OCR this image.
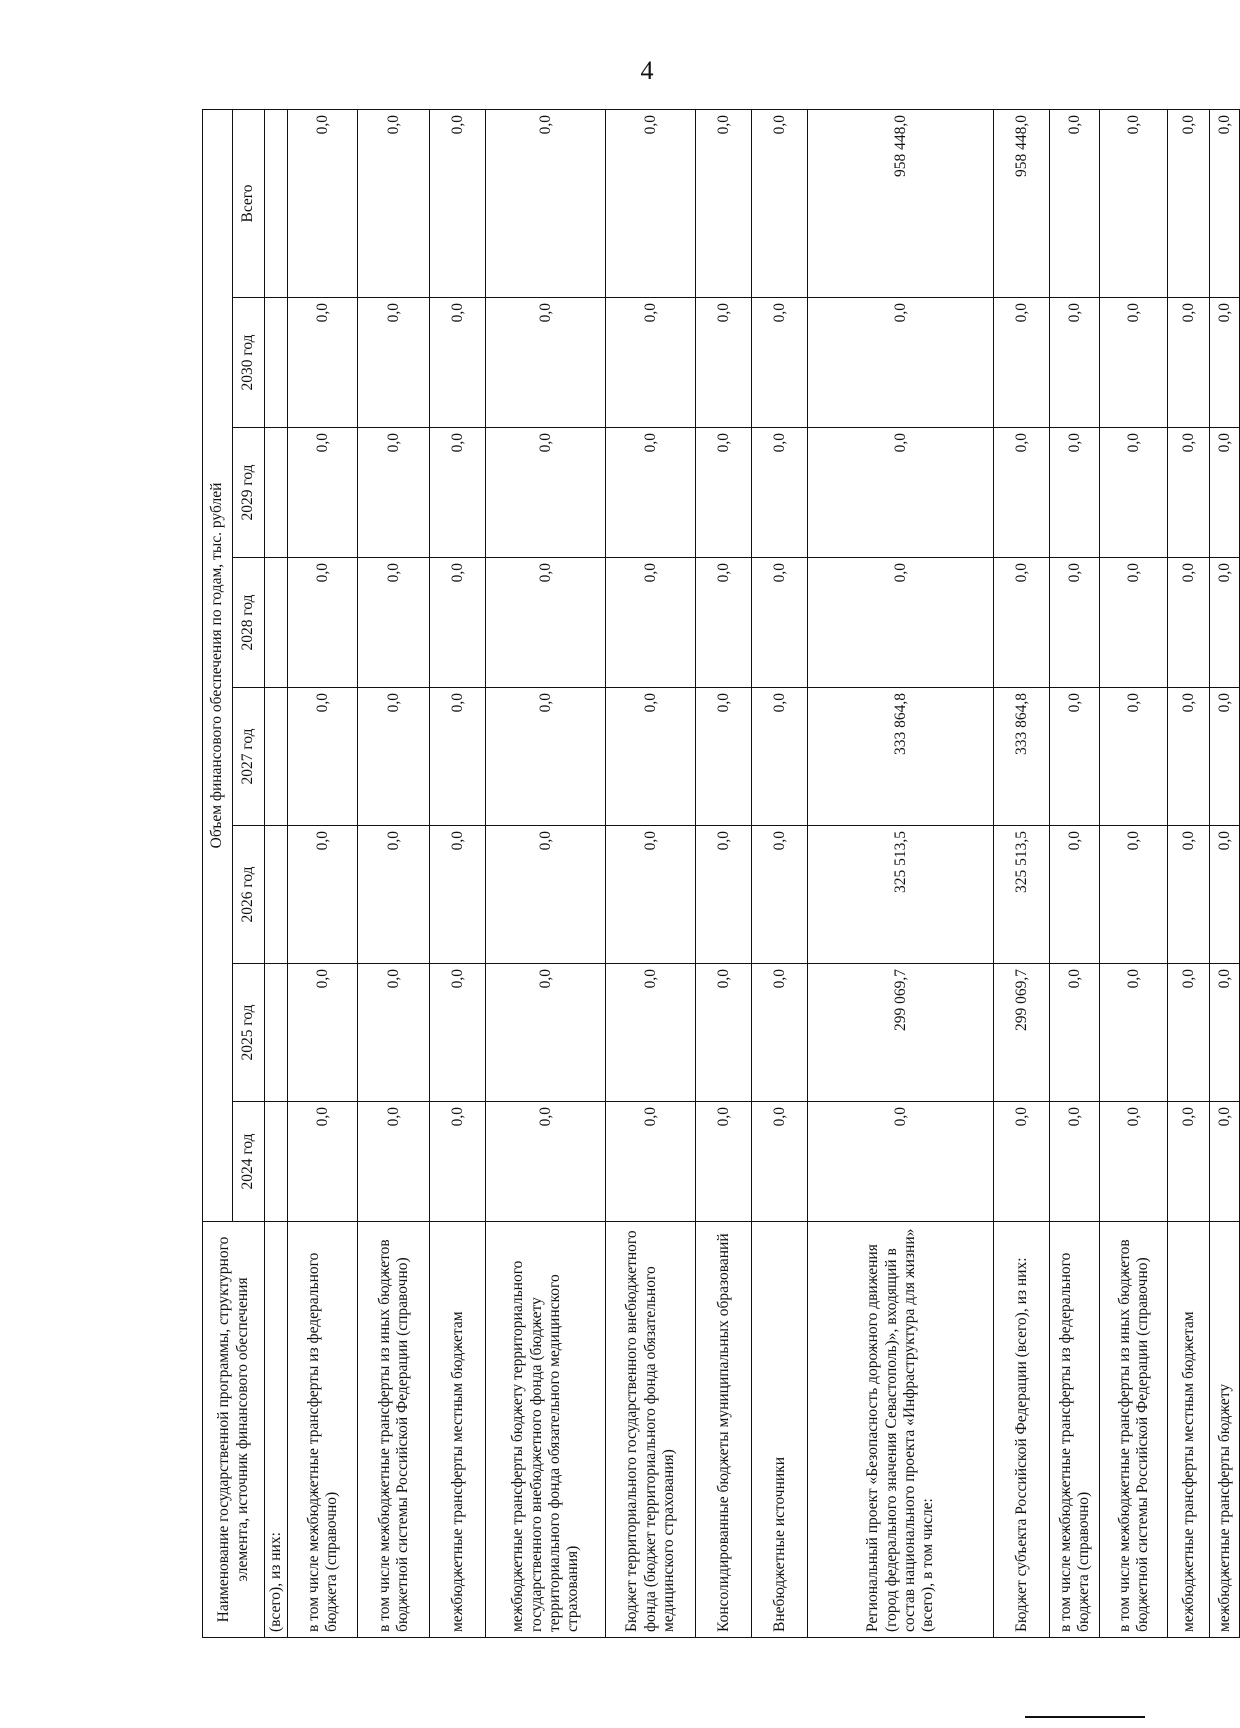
4
Наименование государственной программы, структурного элемента, источник финансового обеспечения	Объем финансового обеспечения по годам, тыс. рублей							
	2024 год	2025 год	2026 год	2027 год	2028 год	2029 год	2030 год	Всего
(всего), из них:								
в том числе межбюджетные трансферты из федерального бюджета (справочно)	0,0	0,0	0,0	0,0	0,0	0,0	0,0	0,0
в том числе межбюджетные трансферты из иных бюджетов бюджетной системы Российской Федерации (справочно)	0,0	0,0	0,0	0,0	0,0	0,0	0,0	0,0
межбюджетные трансферты местным бюджетам	0,0	0,0	0,0	0,0	0,0	0,0	0,0	0,0
межбюджетные трансферты бюджету территориального государственного внебюджетного фонда (бюджету территориального фонда обязательного медицинского страхования)	0,0	0,0	0,0	0,0	0,0	0,0	0,0	0,0
Бюджет территориального государственного внебюджетного фонда (бюджет территориального фонда обязательного медицинского страхования)	0,0	0,0	0,0	0,0	0,0	0,0	0,0	0,0
Консолидированные бюджеты муниципальных образований	0,0	0,0	0,0	0,0	0,0	0,0	0,0	0,0
Внебюджетные источники	0,0	0,0	0,0	0,0	0,0	0,0	0,0	0,0
Региональный проект «Безопасность дорожного движения (город федерального значения Севастополь)», входящий в состав национального проекта «Инфраструктура для жизни» (всего), в том числе:	0,0	299 069,7	325 513,5	333 864,8	0,0	0,0	0,0	958 448,0
Бюджет субъекта Российской Федерации (всего), из них:	0,0	299 069,7	325 513,5	333 864,8	0,0	0,0	0,0	958 448,0
в том числе межбюджетные трансферты из федерального бюджета (справочно)	0,0	0,0	0,0	0,0	0,0	0,0	0,0	0,0
в том числе межбюджетные трансферты из иных бюджетов бюджетной системы Российской Федерации (справочно)	0,0	0,0	0,0	0,0	0,0	0,0	0,0	0,0
межбюджетные трансферты местным бюджетам	0,0	0,0	0,0	0,0	0,0	0,0	0,0	0,0
межбюджетные трансферты бюджету	0,0	0,0	0,0	0,0	0,0	0,0	0,0	0,0
